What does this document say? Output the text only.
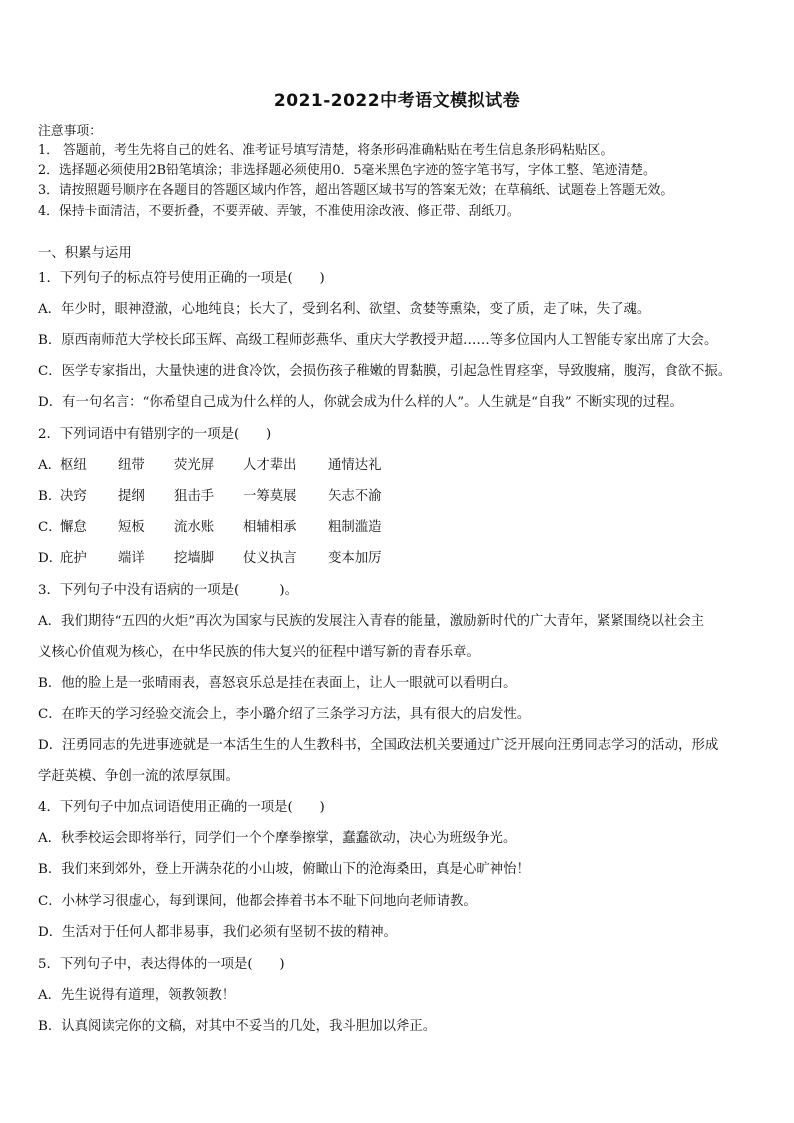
2021-2022中考语文模拟试卷
注意事项：
1． 答题前，考生先将自己的姓名、准考证号填写清楚，将条形码准确粘贴在考生信息条形码粘贴区。
2．选择题必须使用2B铅笔填涂；非选择题必须使用0．5毫米黑色字迹的签字笔书写，字体工整、笔迹清楚。
3．请按照题号顺序在各题目的答题区域内作答，超出答题区域书写的答案无效；在草稿纸、试题卷上答题无效。
4．保持卡面清洁，不要折叠，不要弄破、弄皱，不准使用涂改液、修正带、刮纸刀。
一、积累与运用
1．下列句子的标点符号使用正确的一项是(　　)
A．年少时，眼神澄澈，心地纯良；长大了，受到名利、欲望、贪婪等熏染，变了质，走了味，失了魂。
B．原西南师范大学校长邱玉辉、高级工程师彭燕华、重庆大学教授尹超……等多位国内人工智能专家出席了大会。
C．医学专家指出，大量快速的进食冷饮，会损伤孩子稚嫩的胃黏膜，引起急性胃痉挛，导致腹痛，腹泻，食欲不振。
D．有一句名言：“你希望自己成为什么样的人，你就会成为什么样的人”。人生就是“自我” 不断实现的过程。
2．下列词语中有错别字的一项是(　　)
A．
枢纽 纽带 荧光屏 人才辈出 通情达礼
B．
决窍 提纲 狙击手 一筹莫展 矢志不渝
C．
懈怠 短板 流水账 相辅相承 粗制滥造
D．
庇护 端详 挖墙脚 仗义执言 变本加厉
3．下列句子中没有语病的一项是(　　　)。
A．我们期待“五四的火炬”再次为国家与民族的发展注入青春的能量，激励新时代的广大青年，紧紧围绕以社会主
义核心价值观为核心，在中华民族的伟大复兴的征程中谱写新的青春乐章。
B．他的脸上是一张晴雨表，喜怒哀乐总是挂在表面上，让人一眼就可以看明白。
C．在昨天的学习经验交流会上，李小璐介绍了三条学习方法，具有很大的启发性。
D．汪勇同志的先进事迹就是一本活生生的人生教科书，全国政法机关要通过广泛开展向汪勇同志学习的活动，形成
学赶英模、争创一流的浓厚氛围。
4．下列句子中加点词语使用正确的一项是(　　)
A．秋季校运会即将举行，同学们一个个摩拳擦掌，蠢蠢欲动，决心为班级争光。
B．我们来到郊外，登上开满杂花的小山坡，俯瞰山下的沧海桑田，真是心旷神怡！
C．小林学习很虚心，每到课间，他都会捧着书本不耻下问地向老师请教。
D．生活对于任何人都非易事，我们必须有坚韧不拔的精神。
5．下列句子中，表达得体的一项是(　　)
A．先生说得有道理，领教领教！
B．认真阅读完你的文稿，对其中不妥当的几处，我斗胆加以斧正。
